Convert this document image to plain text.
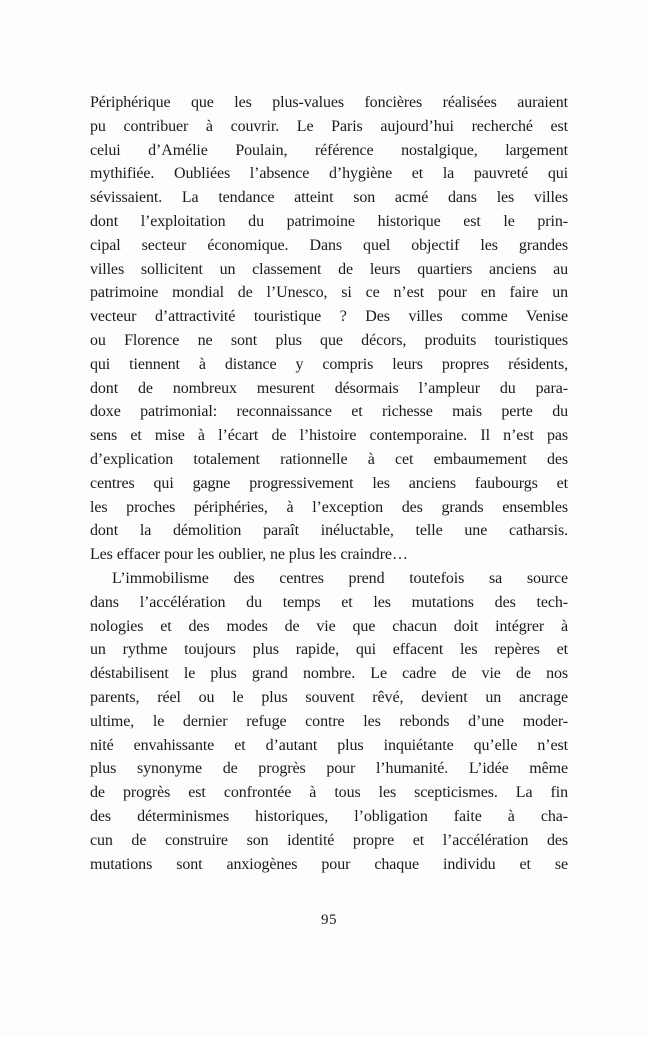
Périphérique que les plus-values foncières réalisées auraient
pu contribuer à couvrir. Le Paris aujourd’hui recherché est
celui d’Amélie Poulain, référence nostalgique, largement
mythifiée. Oubliées l’absence d’hygiène et la pauvreté qui
sévissaient. La tendance atteint son acmé dans les villes
dont l’exploitation du patrimoine historique est le prin-
cipal secteur économique. Dans quel objectif les grandes
villes sollicitent un classement de leurs quartiers anciens au
patrimoine mondial de l’Unesco, si ce n’est pour en faire un
vecteur d’attractivité touristique ? Des villes comme Venise
ou Florence ne sont plus que décors, produits touristiques
qui tiennent à distance y compris leurs propres résidents,
dont de nombreux mesurent désormais l’ampleur du para-
doxe patrimonial: reconnaissance et richesse mais perte du
sens et mise à l’écart de l’histoire contemporaine. Il n’est pas
d’explication totalement rationnelle à cet embaumement des
centres qui gagne progressivement les anciens faubourgs et
les proches périphéries, à l’exception des grands ensembles
dont la démolition paraît inéluctable, telle une catharsis.
Les effacer pour les oublier, ne plus les craindre…
L’immobilisme des centres prend toutefois sa source
dans l’accélération du temps et les mutations des tech-
nologies et des modes de vie que chacun doit intégrer à
un rythme toujours plus rapide, qui effacent les repères et
déstabilisent le plus grand nombre. Le cadre de vie de nos
parents, réel ou le plus souvent rêvé, devient un ancrage
ultime, le dernier refuge contre les rebonds d’une moder-
nité envahissante et d’autant plus inquiétante qu’elle n’est
plus synonyme de progrès pour l’humanité. L’idée même
de progrès est confrontée à tous les scepticismes. La fin
des déterminismes historiques, l’obligation faite à cha-
cun de construire son identité propre et l’accélération des
mutations sont anxiogènes pour chaque individu et se
95
